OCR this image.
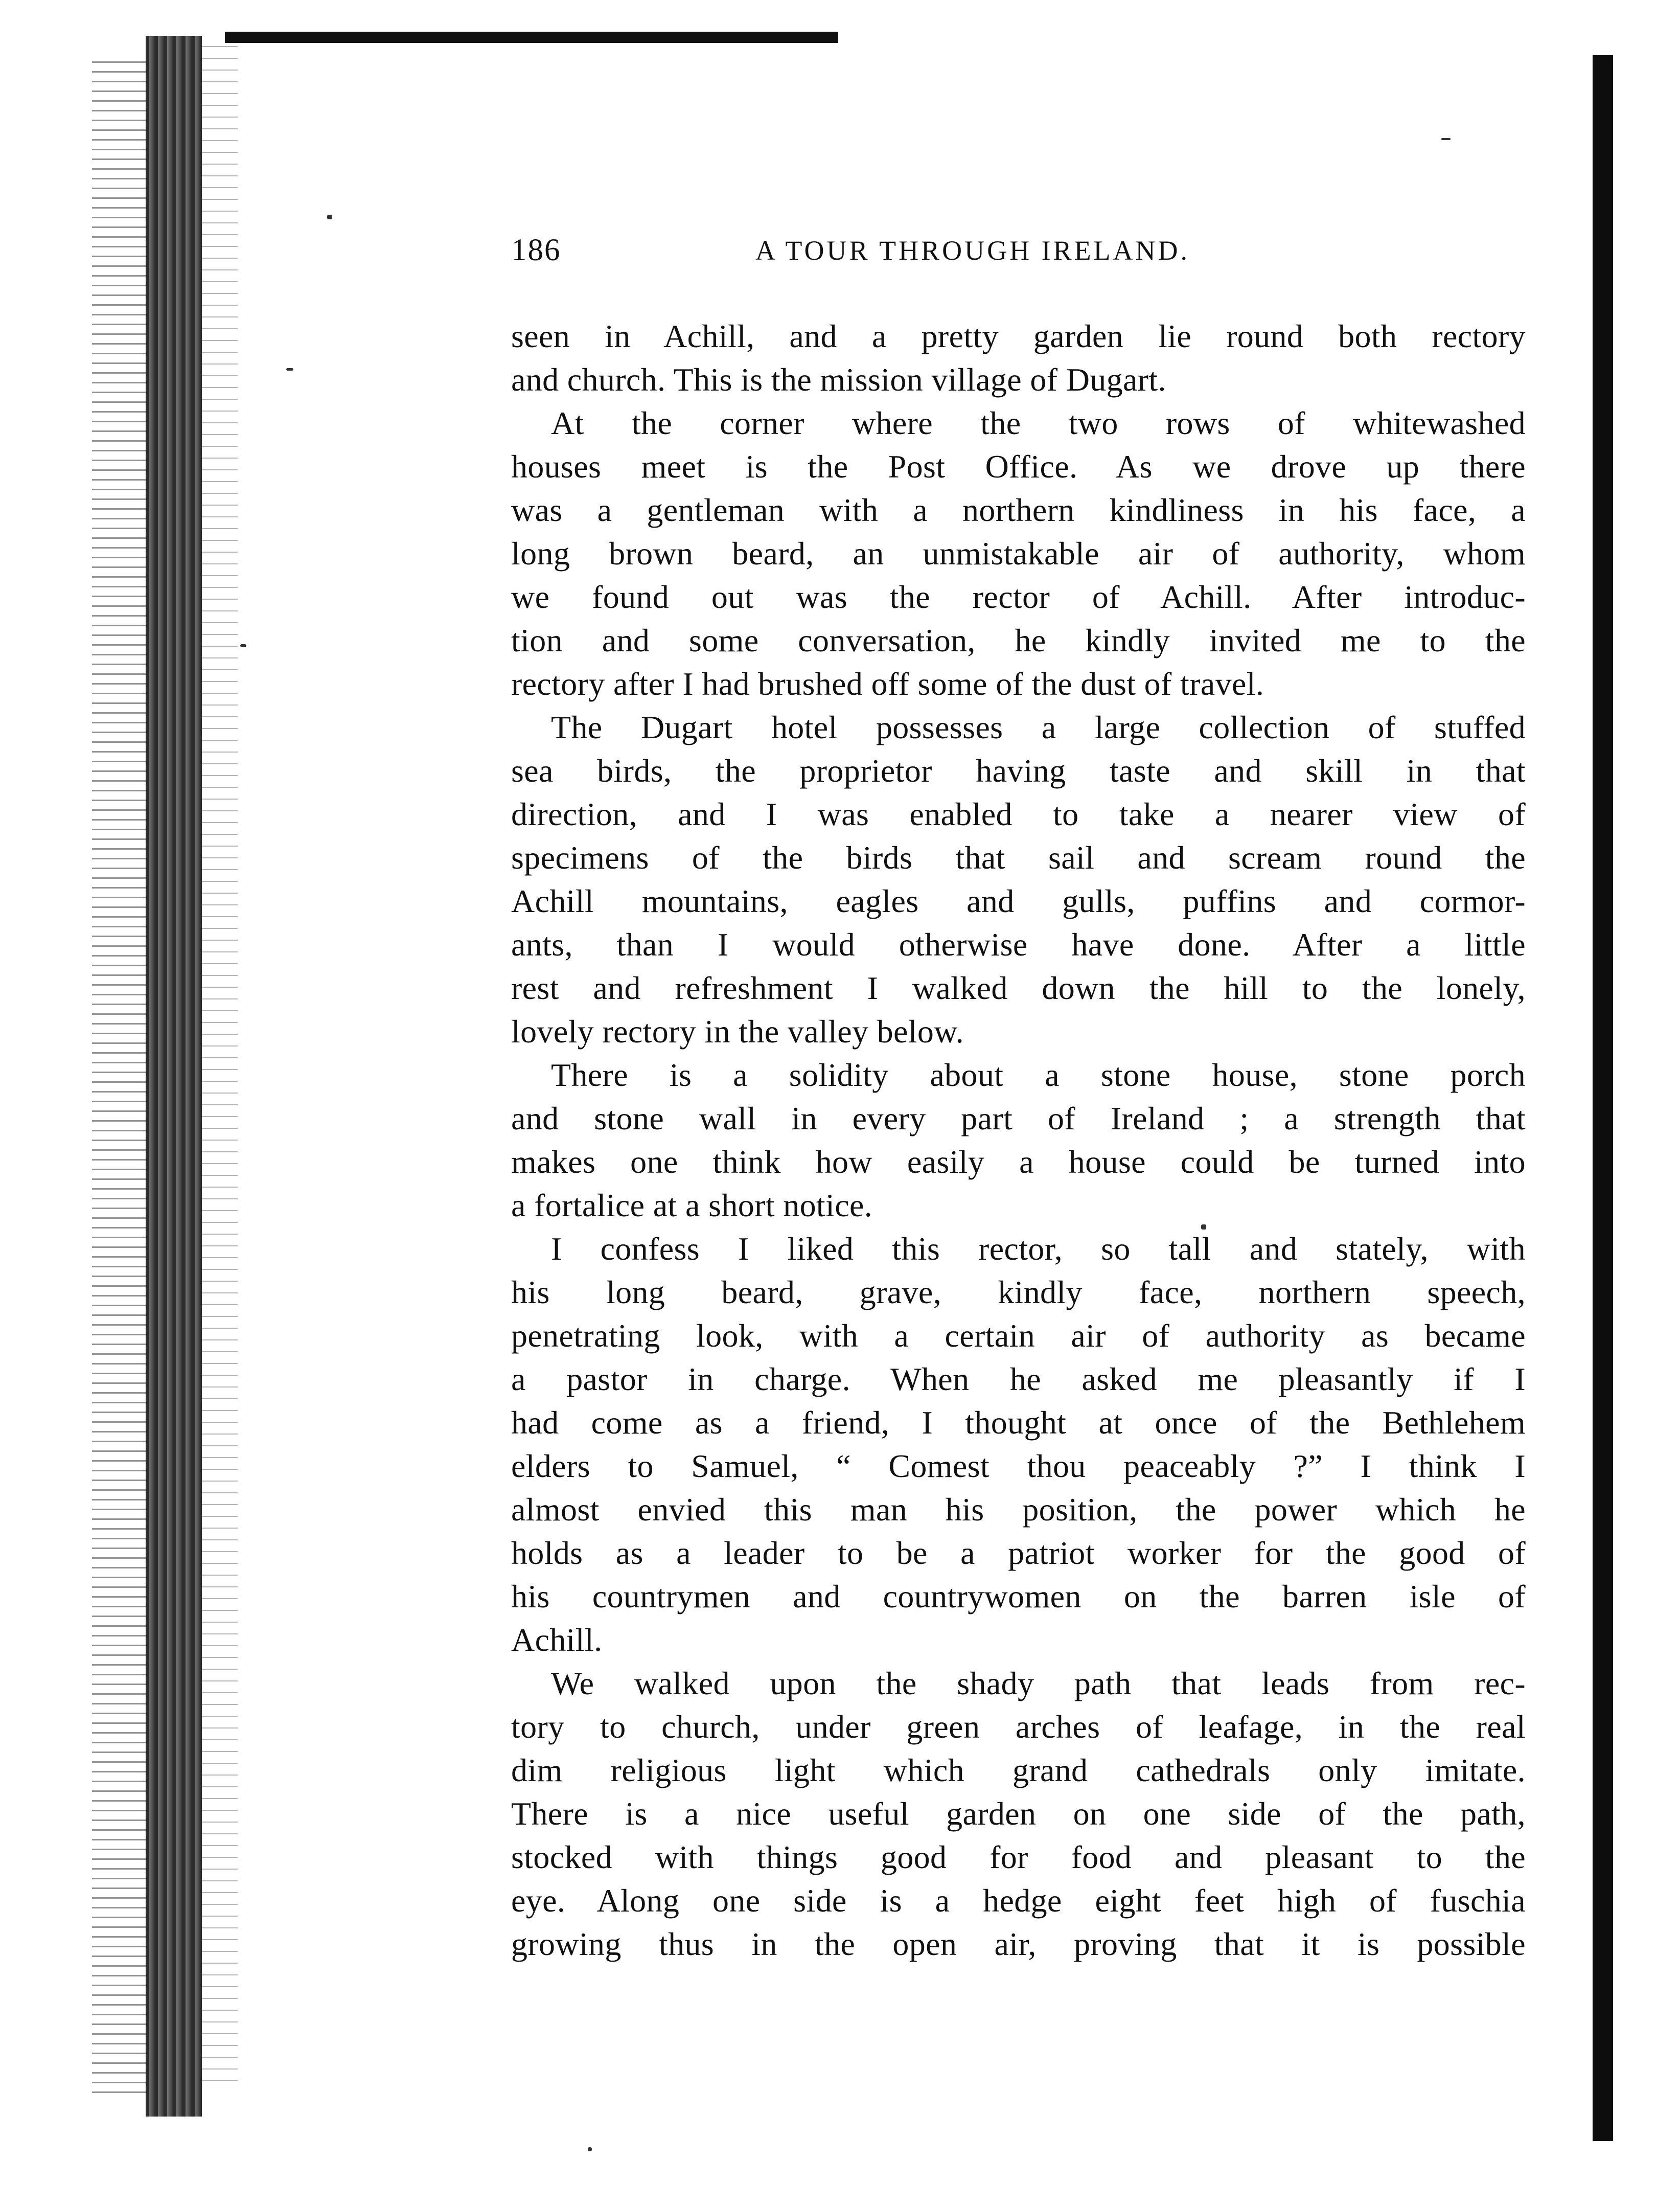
186	A TOUR THROUGH IRELAND.
seen in Achill, and a pretty garden lie round both rectory
and church. This is the mission village of Dugart.
At the corner where the two rows of whitewashed
houses meet is the Post Office. As we drove up there
was a gentleman with a northern kindliness in his face, a
long brown beard, an unmistakable air of authority, whom
we found out was the rector of Achill. After introduc-
tion and some conversation, he kindly invited me to the
rectory after I had brushed off some of the dust of travel.
The Dugart hotel possesses a large collection of stuffed
sea birds, the proprietor having taste and skill in that
direction, and I was enabled to take a nearer view of
specimens of the birds that sail and scream round the
Achill mountains, eagles and gulls, puffins and cormor-
ants, than I would otherwise have done. After a little
rest and refreshment I walked down the hill to the lonely,
lovely rectory in the valley below.
There is a solidity about a stone house, stone porch
and stone wall in every part of Ireland ; a strength that
makes one think how easily a house could be turned into
a fortalice at a short notice.
I confess I liked this rector, so tall and stately, with
his long beard, grave, kindly face, northern speech,
penetrating look, with a certain air of authority as became
a pastor in charge. When he asked me pleasantly if I
had come as a friend, I thought at once of the Bethlehem
elders to Samuel, “ Comest thou peaceably ?” I think I
almost envied this man his position, the power which he
holds as a leader to be a patriot worker for the good of
his countrymen and countrywomen on the barren isle of
Achill.
We walked upon the shady path that leads from rec-
tory to church, under green arches of leafage, in the real
dim religious light which grand cathedrals only imitate.
There is a nice useful garden on one side of the path,
stocked with things good for food and pleasant to the
eye. Along one side is a hedge eight feet high of fuschia
growing thus in the open air, proving that it is possible
